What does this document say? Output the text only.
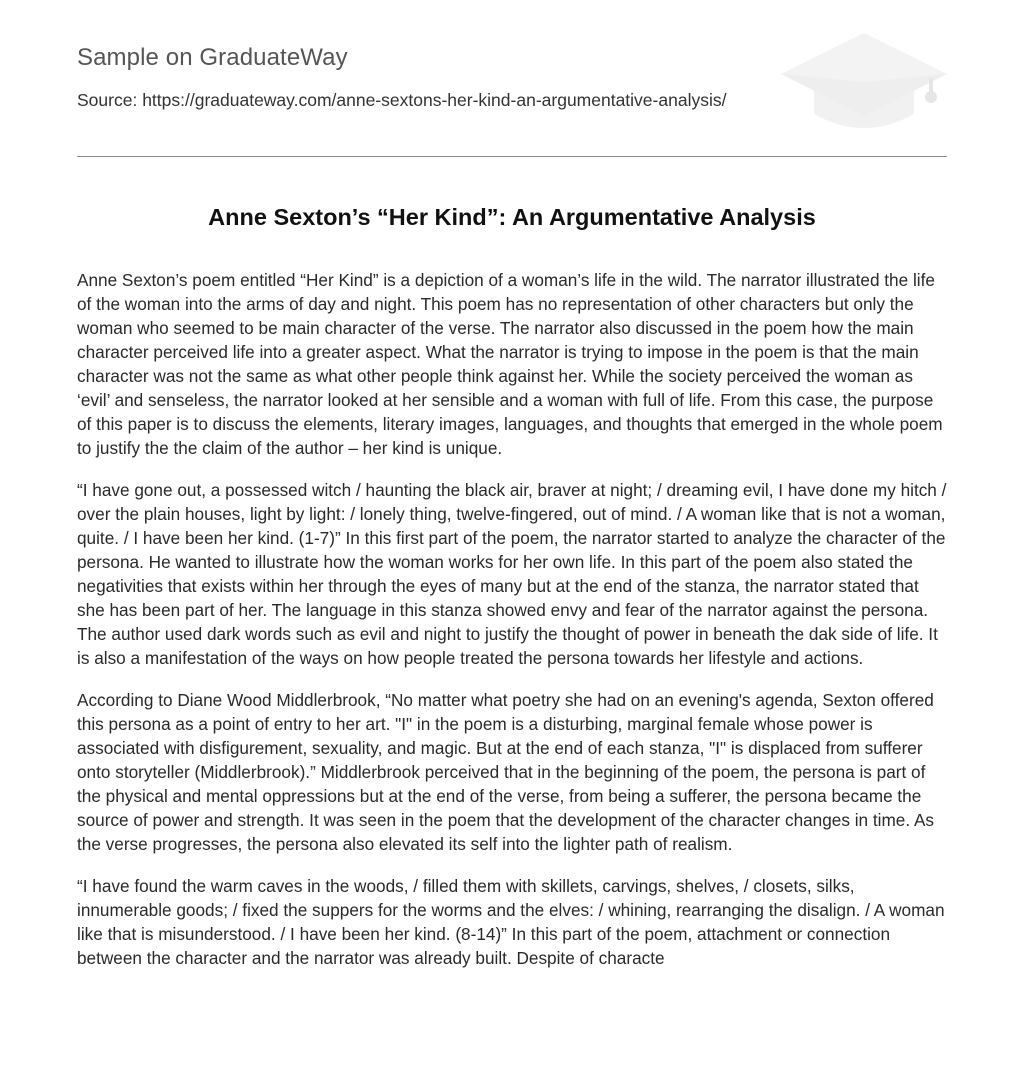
Sample on GraduateWay
Source: https://graduateway.com/anne-sextons-her-kind-an-argumentative-analysis/
Anne Sexton’s “Her Kind”: An Argumentative Analysis

Anne Sexton’s poem entitled “Her Kind” is a depiction of a woman’s life in the wild. The narrator illustrated the life of the woman into the arms of day and night. This poem has no representation of other characters but only the woman who seemed to be main character of the verse. The narrator also discussed in the poem how the main character perceived life into a greater aspect. What the narrator is trying to impose in the poem is that the main character was not the same as what other people think against her. While the society perceived the woman as ‘evil’ and senseless, the narrator looked at her sensible and a woman with full of life. From this case, the purpose of this paper is to discuss the elements, literary images, languages, and thoughts that emerged in the whole poem to justify the the claim of the author – her kind is unique.

“I have gone out, a possessed witch / haunting the black air, braver at night; / dreaming evil, I have done my hitch / over the plain houses, light by light: / lonely thing, twelve-fingered, out of mind. / A woman like that is not a woman, quite. / I have been her kind. (1-7)” In this first part of the poem, the narrator started to analyze the character of the persona. He wanted to illustrate how the woman works for her own life. In this part of the poem also stated the negativities that exists within her through the eyes of many but at the end of the stanza, the narrator stated that she has been part of her. The language in this stanza showed envy and fear of the narrator against the persona. The author used dark words such as evil and night to justify the thought of power in beneath the dak side of life. It is also a manifestation of the ways on how people treated the persona towards her lifestyle and actions.

According to Diane Wood Middlerbrook, “No matter what poetry she had on an evening's agenda, Sexton offered this persona as a point of entry to her art. "I" in the poem is a disturbing, marginal female whose power is associated with disfigurement, sexuality, and magic. But at the end of each stanza, "I" is displaced from sufferer onto storyteller (Middlerbrook).” Middlerbrook perceived that in the beginning of the poem, the persona is part of the physical and mental oppressions but at the end of the verse, from being a sufferer, the persona became the source of power and strength. It was seen in the poem that the development of the character changes in time. As the verse progresses, the persona also elevated its self into the lighter path of realism.

“I have found the warm caves in the woods, / filled them with skillets, carvings, shelves, / closets, silks, innumerable goods; / fixed the suppers for the worms and the elves: / whining, rearranging the disalign. / A woman like that is misunderstood. / I have been her kind. (8-14)” In this part of the poem, attachment or connection between the character and the narrator was already built. Despite of characte
